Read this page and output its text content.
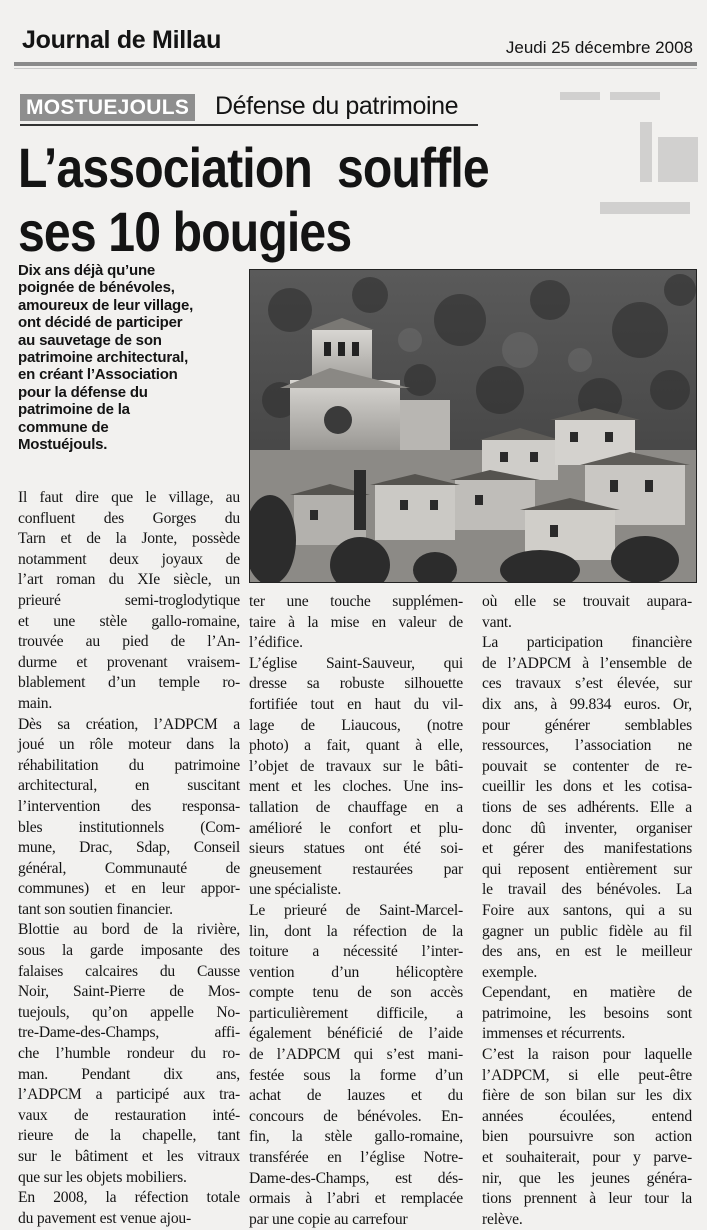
Journal de Millau	Jeudi 25 décembre 2008
MOSTUEJOULS Défense du patrimoine
L’association  souffle
ses 10 bougies
Dix ans déjà qu’une
poignée de bénévoles,
amoureux de leur village,
ont décidé de participer
au sauvetage de son
patrimoine architectural,
en créant l’Association
pour la défense du
patrimoine de la
commune de
Mostuéjouls.
Il faut dire que le village, au
confluent des Gorges du
Tarn et de la Jonte, possède
notamment deux joyaux de
l’art roman du XIe siècle, un
prieuré semi-troglodytique
et une stèle gallo-romaine,
trouvée au pied de l’An-
durme et provenant vraisem-
blablement d’un temple ro-
main.
Dès sa création, l’ADPCM a
joué un rôle moteur dans la
réhabilitation du patrimoine
architectural, en suscitant
l’intervention des responsa-
bles institutionnels (Com-
mune, Drac, Sdap, Conseil
général, Communauté de
communes) et en leur appor-
tant son soutien financier.
Blottie au bord de la rivière,
sous la garde imposante des
falaises calcaires du Causse
Noir, Saint-Pierre de Mos-
tuejouls, qu’on appelle No-
tre-Dame-des-Champs, affi-
che l’humble rondeur du ro-
man. Pendant dix ans,
l’ADPCM a participé aux tra-
vaux de restauration inté-
rieure de la chapelle, tant
sur le bâtiment et les vitraux
que sur les objets mobiliers.
En 2008, la réfection totale
du pavement est venue ajou-
ter une touche supplémen-
taire à la mise en valeur de
l’édifice.
L’église Saint-Sauveur, qui
dresse sa robuste silhouette
fortifiée tout en haut du vil-
lage de Liaucous, (notre
photo) a fait, quant à elle,
l’objet de travaux sur le bâti-
ment et les cloches. Une ins-
tallation de chauffage en a
amélioré le confort et plu-
sieurs statues ont été soi-
gneusement restaurées par
une spécialiste.
Le prieuré de Saint-Marcel-
lin, dont la réfection de la
toiture a nécessité l’inter-
vention d’un hélicoptère
compte tenu de son accès
particulièrement difficile, a
également bénéficié de l’aide
de l’ADPCM qui s’est mani-
festée sous la forme d’un
achat de lauzes et du
concours de bénévoles. En-
fin, la stèle gallo-romaine,
transférée en l’église Notre-
Dame-des-Champs, est dés-
ormais à l’abri et remplacée
par une copie au carrefour
où elle se trouvait aupara-
vant.
La participation financière
de l’ADPCM à l’ensemble de
ces travaux s’est élevée, sur
dix ans, à 99.834 euros. Or,
pour générer semblables
ressources, l’association ne
pouvait se contenter de re-
cueillir les dons et les cotisa-
tions de ses adhérents. Elle a
donc dû inventer, organiser
et gérer des manifestations
qui reposent entièrement sur
le travail des bénévoles. La
Foire aux santons, qui a su
gagner un public fidèle au fil
des ans, en est le meilleur
exemple.
Cependant, en matière de
patrimoine, les besoins sont
immenses et récurrents.
C’est la raison pour laquelle
l’ADPCM, si elle peut-être
fière de son bilan sur les dix
années écoulées, entend
bien poursuivre son action
et souhaiterait, pour y parve-
nir, que les jeunes généra-
tions prennent à leur tour la
relève.
